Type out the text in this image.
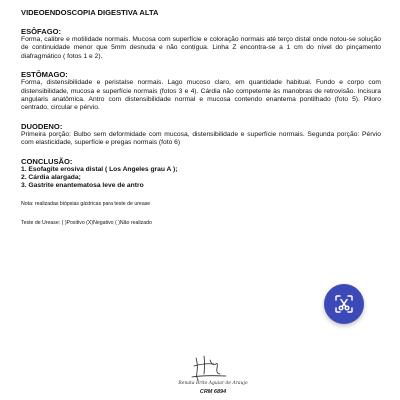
VIDEOENDOSCOPIA DIGESTIVA ALTA

ESÔFAGO:

Forma, calibre e motilidade normais. Mucosa com superfície e coloração normais até terço distal onde notou-se solução de continuidade menor que 5mm desnuda e não contígua. Linha Z encontra-se a 1 cm do nível do pinçamento diafragmático ( fotos 1 e 2).

ESTÔMAGO:

Forma, distensibilidade e peristalse normais. Lago mucoso claro, em quantidade habitual. Fundo e corpo com distensibilidade, mucosa e superfície normais (fotos 3 e 4). Cárdia não competente às manobras de retrovisão. Incisura angularis anatômica. Antro com distensibilidade normal e mucosa contendo enantema pontilhado (foto 5). Piloro centrado, circular e pérvio.

DUODENO:

Primeira porção: Bulbo sem deformidade com mucosa, distensibilidade e superfície normais. Segunda porção: Pérvio com elasticidade, superfície e pregas normais (foto 6)

CONCLUSÃO:

1. Esofagite erosiva distal ( Los Angeles grau A );

2. Cárdia alargada;

3. Gastrite enantematosa leve de antro

Nota: realizadas biópsias gástricas para teste de urease

Teste de Urease: ( )Positivo (X)Negativo ( )Não realizado

Renata Brito Aguiar de Araujo

CRM 6894
